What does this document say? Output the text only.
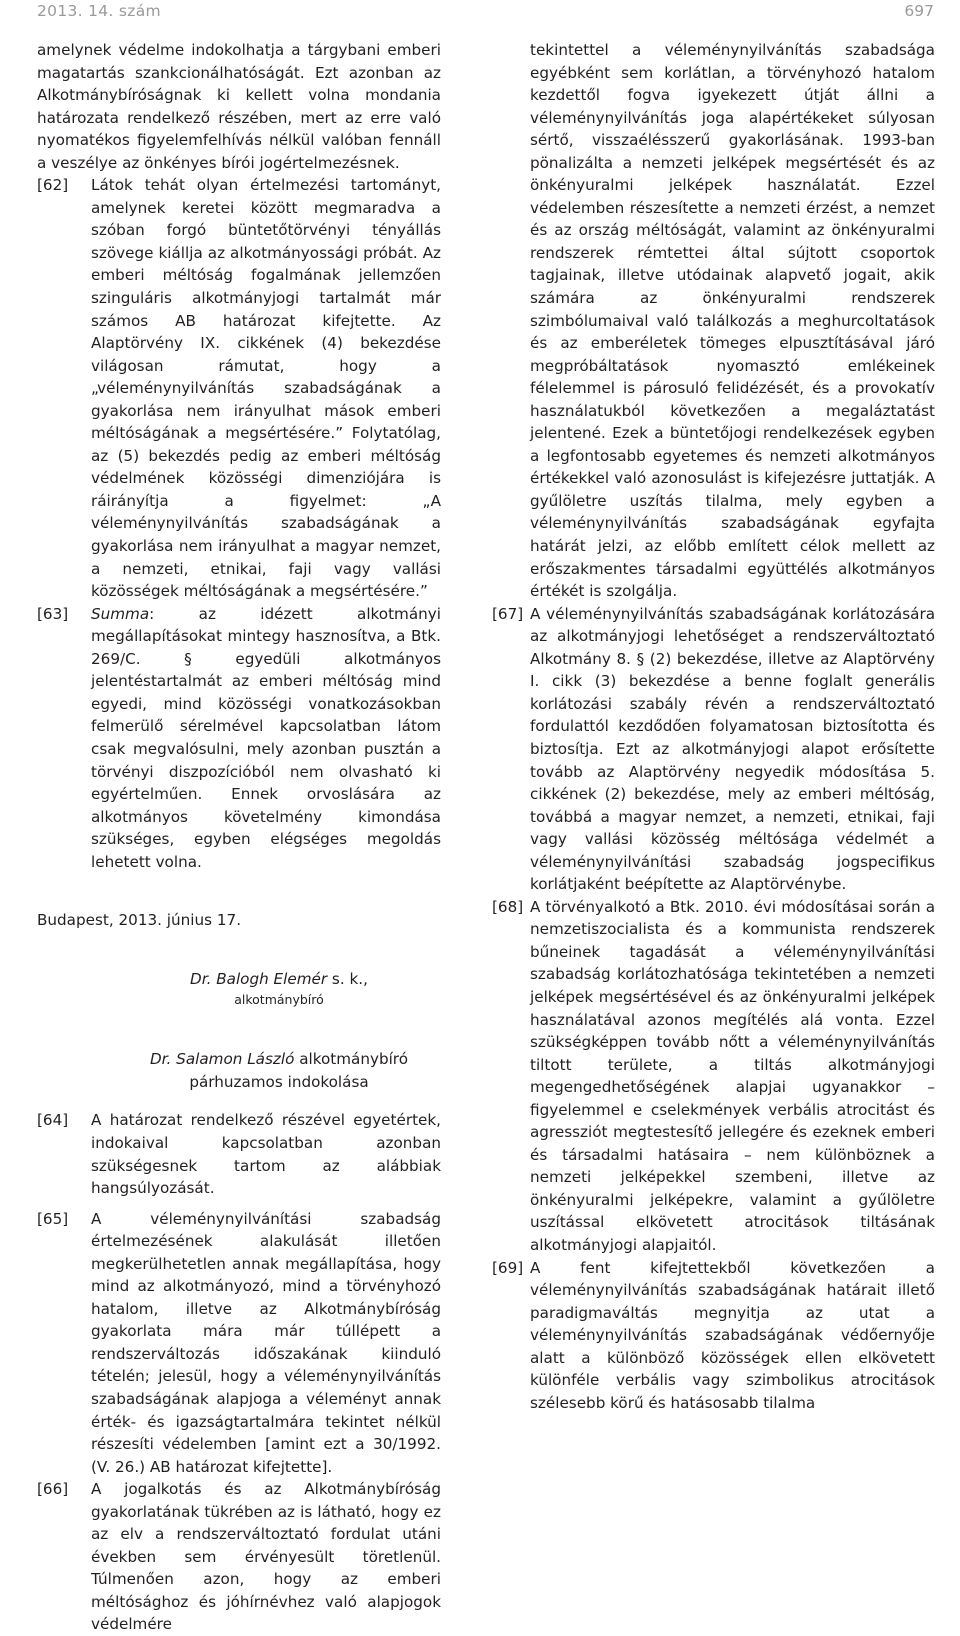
2013. 14. szám	697

amelynek védelme indokolhatja a tárgybani emberi magatartás szankcionálhatóságát. Ezt azonban az Alkotmánybíróságnak ki kellett volna mondania határozata rendelkező részében, mert az erre való nyomatékos figyelemfelhívás nélkül valóban fennáll a veszélye az önkényes bírói jogértelmezésnek.

[62] Látok tehát olyan értelmezési tartományt, amelynek keretei között megmaradva a szóban forgó büntetőtörvényi tényállás szövege kiállja az alkotmányossági próbát. Az emberi méltóság fogalmának jellemzően szinguláris alkotmányjogi tartalmát már számos AB határozat kifejtette. Az Alaptörvény IX. cikkének (4) bekezdése világosan rámutat, hogy a „véleménynyilvánítás szabadságának a gyakorlása nem irányulhat mások emberi méltóságának a megsértésére.” Folytatólag, az (5) bekezdés pedig az emberi méltóság védelmének közösségi dimenziójára is ráirányítja a figyelmet: „A véleménynyilvánítás szabadságának a gyakorlása nem irányulhat a magyar nemzet, a nemzeti, etnikai, faji vagy vallási közösségek méltóságának a megsértésére.”
[63] Summa: az idézett alkotmányi megállapításokat mintegy hasznosítva, a Btk. 269/C. § egyedüli alkotmányos jelentéstartalmát az emberi méltóság mind egyedi, mind közösségi vonatkozásokban felmerülő sérelmével kapcsolatban látom csak megvalósulni, mely azonban pusztán a törvényi diszpozícióból nem olvasható ki egyértelműen. Ennek orvoslására az alkotmányos követelmény kimondása szükséges, egyben elégséges megoldás lehetett volna.

Budapest, 2013. június 17.

Dr. Balogh Elemér s. k.,

alkotmánybíró

Dr. Salamon László alkotmánybíró

párhuzamos indokolása

[64] A határozat rendelkező részével egyetértek, indokaival kapcsolatban azonban szükségesnek tartom az alábbiak hangsúlyozását.
[65] A véleménynyilvánítási szabadság értelmezésének alakulását illetően megkerülhetetlen annak megállapítása, hogy mind az alkotmányozó, mind a törvényhozó hatalom, illetve az Alkotmánybíróság gyakorlata mára már túllépett a rendszerváltozás időszakának kiinduló tételén; jelesül, hogy a véleménynyilvánítás szabadságának alapjoga a véleményt annak érték- és igazságtartalmára tekintet nélkül részesíti védelemben [amint ezt a 30/1992. (V. 26.) AB határozat kifejtette].
[66] A jogalkotás és az Alkotmánybíróság gyakorlatának tükrében az is látható, hogy ez az elv a rendszerváltoztató fordulat utáni években sem érvényesült töretlenül. Túlmenően azon, hogy az emberi méltósághoz és jóhírnévhez való alapjogok védelmére

tekintettel a véleménynyilvánítás szabadsága egyébként sem korlátlan, a törvényhozó hatalom kezdettől fogva igyekezett útját állni a véleménynyilvánítás joga alapértékeket súlyosan sértő, visszaélésszerű gyakorlásának. 1993-ban pönalizálta a nemzeti jelképek megsértését és az önkényuralmi jelképek használatát. Ezzel védelemben részesítette a nemzeti érzést, a nemzet és az ország méltóságát, valamint az önkényuralmi rendszerek rémtettei által sújtott csoportok tagjainak, illetve utódainak alapvető jogait, akik számára az önkényuralmi rendszerek szimbólumaival való találkozás a meghurcoltatások és az emberéletek tömeges elpusztításával járó megpróbáltatások nyomasztó emlékeinek félelemmel is párosuló felidézését, és a provokatív használatukból következően a megaláztatást jelentené. Ezek a büntetőjogi rendelkezések egyben a legfontosabb egyetemes és nemzeti alkotmányos értékekkel való azonosulást is kifejezésre juttatják. A gyűlöletre uszítás tilalma, mely egyben a véleménynyilvánítás szabadságának egyfajta határát jelzi, az előbb említett célok mellett az erőszakmentes társadalmi együttélés alkotmányos értékét is szolgálja.

[67] A véleménynyilvánítás szabadságának korlátozására az alkotmányjogi lehetőséget a rendszerváltoztató Alkotmány 8. § (2) bekezdése, illetve az Alaptörvény I. cikk (3) bekezdése a benne foglalt generális korlátozási szabály révén a rendszerváltoztató fordulattól kezdődően folyamatosan biztosította és biztosítja. Ezt az alkotmányjogi alapot erősítette tovább az Alaptörvény negyedik módosítása 5. cikkének (2) bekezdése, mely az emberi méltóság, továbbá a magyar nemzet, a nemzeti, etnikai, faji vagy vallási közösség méltósága védelmét a véleménynyilvánítási szabadság jogspecifikus korlátjaként beépítette az Alaptörvénybe.
[68] A törvényalkotó a Btk. 2010. évi módosításai során a nemzetiszocialista és a kommunista rendszerek bűneinek tagadását a véleménynyilvánítási szabadság korlátozhatósága tekintetében a nemzeti jelképek megsértésével és az önkényuralmi jelképek használatával azonos megítélés alá vonta. Ezzel szükségképpen tovább nőtt a véleménynyilvánítás tiltott területe, a tiltás alkotmányjogi megengedhetőségének alapjai ugyanakkor – figyelemmel e cselekmények verbális atrocitást és agressziót megtestesítő jellegére és ezeknek emberi és társadalmi hatásaira – nem különböznek a nemzeti jelképekkel szembeni, illetve az önkényuralmi jelképekre, valamint a gyűlöletre uszítással elkövetett atrocitások tiltásának alkotmányjogi alapjaitól.
[69] A fent kifejtettekből következően a véleménynyilvánítás szabadságának határait illető paradigmaváltás megnyitja az utat a véleménynyilvánítás szabadságának védőernyője alatt a különböző közösségek ellen elkövetett különféle verbális vagy szimbolikus atrocitások szélesebb körű és hatásosabb tilalma
